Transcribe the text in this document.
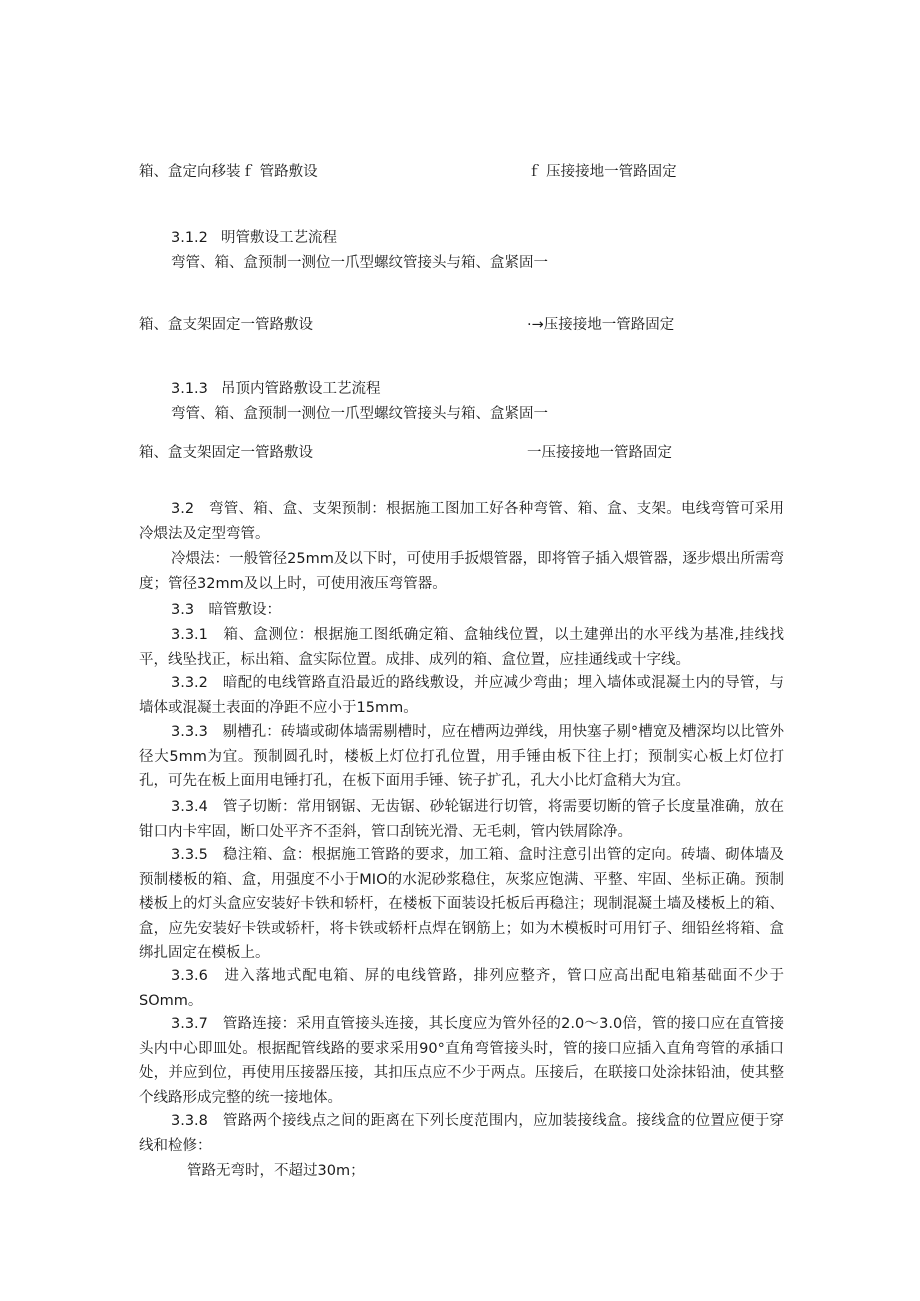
箱、盒定向移装ｆ 管路敷设	ｆ 压接接地一管路固定
3.1.2 明管敷设工艺流程
弯管、箱、盒预制一测位一爪型螺纹管接头与箱、盒紧固一
箱、盒支架固定一管路敷设	·→压接接地一管路固定
3.1.3 吊顶内管路敷设工艺流程
弯管、箱、盒预制一测位一爪型螺纹管接头与箱、盒紧固一
箱、盒支架固定一管路敷设	一压接接地一管路固定
3.2　弯管、箱、盒、支架预制：根据施工图加工好各种弯管、箱、盒、支架。电线弯管可采用冷煨法及定型弯管。
冷煨法：一般管径25mm及以下时，可使用手扳煨管器，即将管子插入煨管器，逐步煨出所需弯度；管径32mm及以上时，可使用液压弯管器。
3.3　暗管敷设：
3.3.1　箱、盒测位：根据施工图纸确定箱、盒轴线位置，以土建弹出的水平线为基准,挂线找平，线坠找正，标出箱、盒实际位置。成排、成列的箱、盒位置，应挂通线或十字线。
3.3.2　暗配的电线管路直沿最近的路线敷设，并应减少弯曲；埋入墙体或混凝土内的导管，与墙体或混凝土表面的净距不应小于15mm。
3.3.3　剔槽孔：砖墙或砌体墙需剔槽时，应在槽两边弹线，用快塞子剔°槽宽及槽深均以比管外径大5mm为宜。预制圆孔时，楼板上灯位打孔位置，用手锤由板下往上打；预制实心板上灯位打孔，可先在板上面用电锤打孔，在板下面用手锤、铳子扩孔，孔大小比灯盒稍大为宜。
3.3.4　管子切断：常用钢锯、无齿锯、砂轮锯进行切管，将需要切断的管子长度量准确，放在钳口内卡牢固，断口处平齐不歪斜，管口刮铳光滑、无毛刺，管内铁屑除净。
3.3.5　稳注箱、盒：根据施工管路的要求，加工箱、盒时注意引出管的定向。砖墙、砌体墙及预制楼板的箱、盒，用强度不小于MIO的水泥砂浆稳住，灰浆应饱满、平整、牢固、坐标正确。预制楼板上的灯头盒应安装好卡铁和轿杆，在楼板下面装设托板后再稳注；现制混凝土墙及楼板上的箱、盒，应先安装好卡铁或轿杆，将卡铁或轿杆点焊在钢筋上；如为木模板时可用钉子、细铅丝将箱、盒绑扎固定在模板上。
3.3.6　进入落地式配电箱、屏的电线管路，排列应整齐，管口应高出配电箱基础面不少于SOmm。
3.3.7　管路连接：采用直管接头连接，其长度应为管外径的2.0～3.0倍，管的接口应在直管接头内中心即皿处。根据配管线路的要求采用90°直角弯管接头时，管的接口应插入直角弯管的承插口处，并应到位，再使用压接器压接，其扣压点应不少于两点。压接后，在联接口处涂抹铅油，使其整个线路形成完整的统一接地体。
3.3.8　管路两个接线点之间的距离在下列长度范围内，应加装接线盒。接线盒的位置应便于穿线和检修：
管路无弯时，不超过30m；
